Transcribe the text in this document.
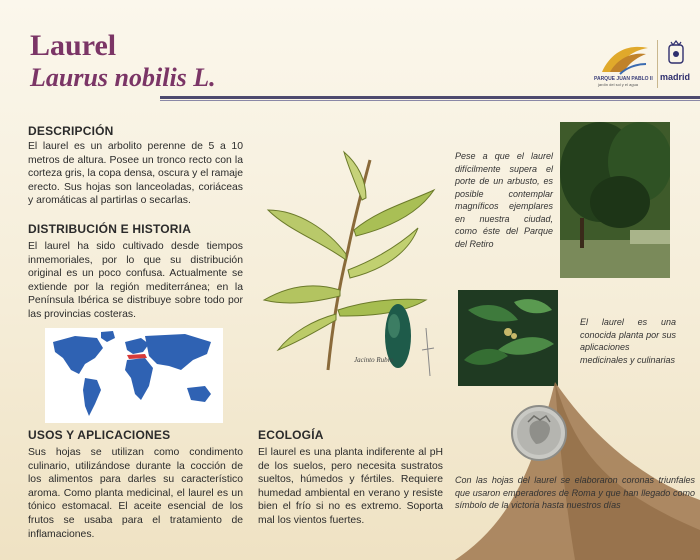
Laurel
Laurus nobilis L.	PARQUE JUAN PABLO II
jardín del sol y el agua
madrid
DESCRIPCIÓN

El laurel es un arbolito perenne de 5 a 10 metros de altura. Posee un tronco recto con la corteza gris, la copa densa, oscura y el ramaje erecto. Sus hojas son lanceoladas, coriáceas y aromáticas al partirlas o secarlas.

DISTRIBUCIÓN E HISTORIA

El laurel ha sido cultivado desde tiempos inmemoriales, por lo que su distribución original es un poco confusa. Actualmente se extiende por la región mediterránea; en la Península Ibérica se distribuye sobre todo por las provincias costeras.

USOS Y APLICACIONES

Sus hojas se utilizan como condimento culinario, utilizándose durante la cocción de los alimentos para darles su característico aroma. Como planta medicinal, el laurel es un tónico estomacal. El aceite esencial de los frutos se usaba para el tratamiento de inflamaciones.

Jacinto Rubio
ECOLOGÍA

El laurel es una planta indiferente al pH de los suelos, pero necesita sustratos sueltos, húmedos y fértiles. Requiere humedad ambiental en verano y resiste bien el frío si no es extremo. Soporta mal los vientos fuertes.

Pese a que el laurel difícilmente supera el porte de un arbusto, es posible contemplar magníficos ejemplares en nuestra ciudad, como éste del Parque del Retiro

El laurel es una conocida planta por sus aplicaciones medicinales y culinarias

Con las hojas del laurel se elaboraron coronas triunfales que usaron emperadores de Roma y que han llegado como símbolo de la victoria hasta nuestros días
